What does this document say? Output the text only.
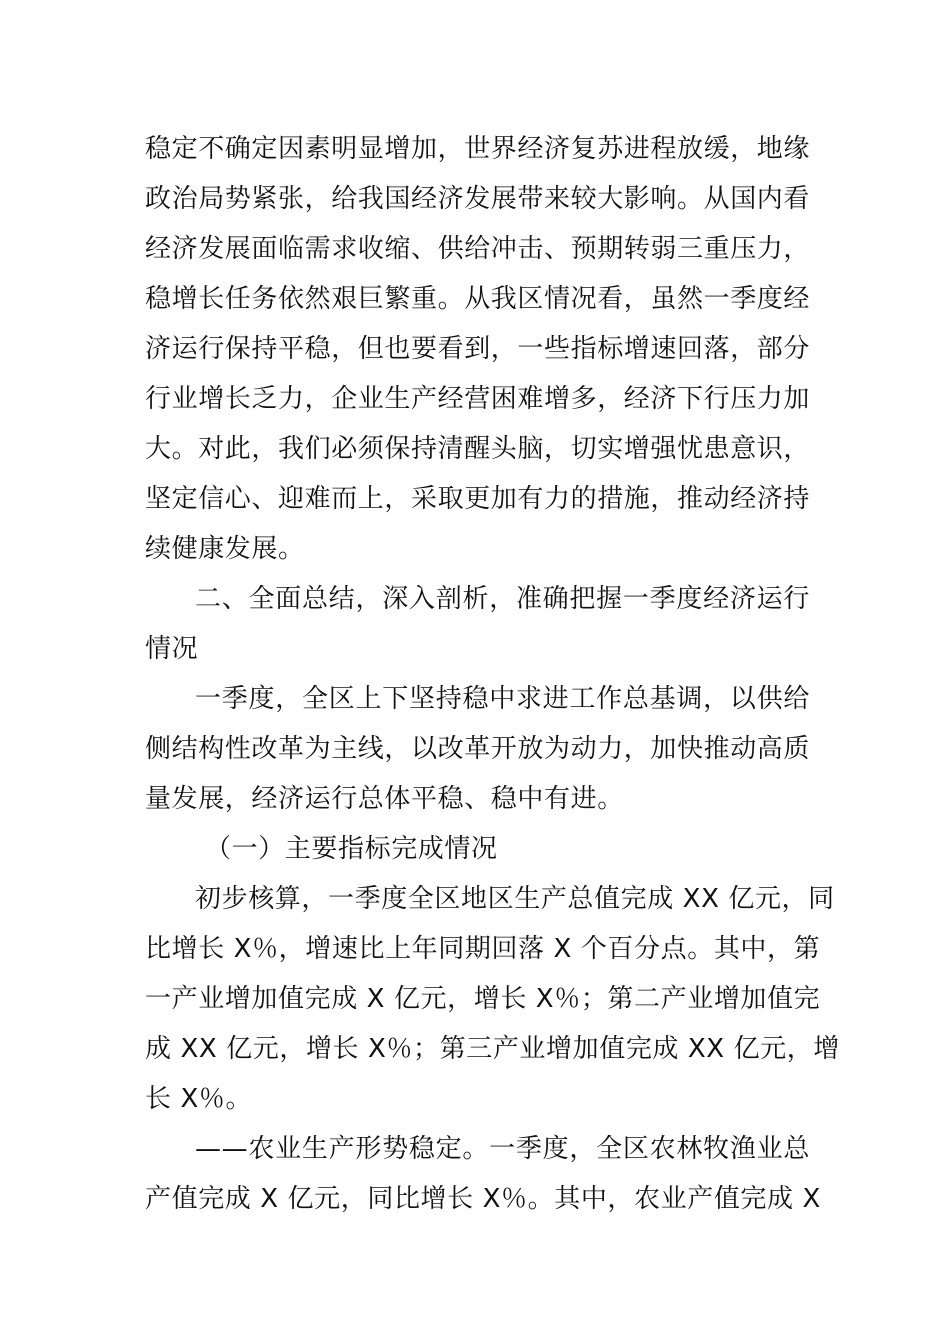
稳定不确定因素明显增加，世界经济复苏进程放缓，地缘
政治局势紧张，给我国经济发展带来较大影响。从国内看
经济发展面临需求收缩、供给冲击、预期转弱三重压力，
稳增长任务依然艰巨繁重。从我区情况看，虽然一季度经
济运行保持平稳，但也要看到，一些指标增速回落，部分
行业增长乏力，企业生产经营困难增多，经济下行压力加
大。对此，我们必须保持清醒头脑，切实增强忧患意识，
坚定信心、迎难而上，采取更加有力的措施，推动经济持
续健康发展。
二、全面总结，深入剖析，准确把握一季度经济运行
情况
一季度，全区上下坚持稳中求进工作总基调，以供给
侧结构性改革为主线，以改革开放为动力，加快推动高质
量发展，经济运行总体平稳、稳中有进。
（一）主要指标完成情况
初步核算，一季度全区地区生产总值完成 XX 亿元，同
比增长 X％，增速比上年同期回落 X 个百分点。其中，第
一产业增加值完成 X 亿元，增长 X％；第二产业增加值完
成 XX 亿元，增长 X％；第三产业增加值完成 XX 亿元，增
长 X％。
——农业生产形势稳定。一季度，全区农林牧渔业总
产值完成 X 亿元，同比增长 X％。其中，农业产值完成 X
